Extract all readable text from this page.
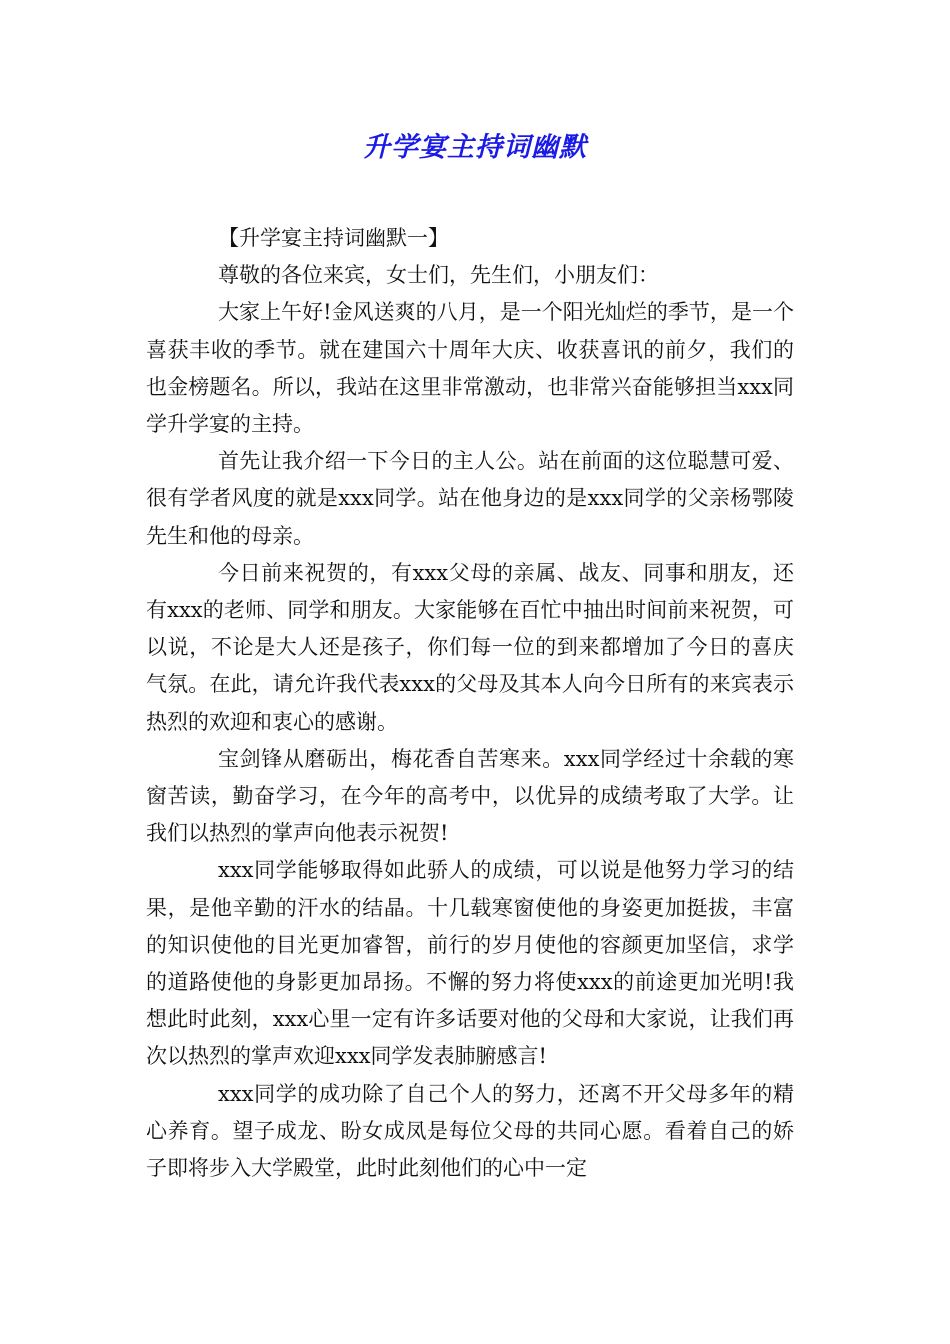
升学宴主持词幽默

【升学宴主持词幽默一】

尊敬的各位来宾，女士们，先生们，小朋友们：

大家上午好!金风送爽的八月，是一个阳光灿烂的季节，是一个喜获丰收的季节。就在建国六十周年大庆、收获喜讯的前夕，我们的也金榜题名。所以，我站在这里非常激动，也非常兴奋能够担当xxx同学升学宴的主持。

首先让我介绍一下今日的主人公。站在前面的这位聪慧可爱、很有学者风度的就是xxx同学。站在他身边的是xxx同学的父亲杨鄂陵先生和他的母亲。

今日前来祝贺的，有xxx父母的亲属、战友、同事和朋友，还有xxx的老师、同学和朋友。大家能够在百忙中抽出时间前来祝贺，可以说，不论是大人还是孩子，你们每一位的到来都增加了今日的喜庆气氛。在此，请允许我代表xxx的父母及其本人向今日所有的来宾表示热烈的欢迎和衷心的感谢。

宝剑锋从磨砺出，梅花香自苦寒来。xxx同学经过十余载的寒窗苦读，勤奋学习，在今年的高考中，以优异的成绩考取了大学。让我们以热烈的掌声向他表示祝贺!

xxx同学能够取得如此骄人的成绩，可以说是他努力学习的结果，是他辛勤的汗水的结晶。十几载寒窗使他的身姿更加挺拔，丰富的知识使他的目光更加睿智，前行的岁月使他的容颜更加坚信，求学的道路使他的身影更加昂扬。不懈的努力将使xxx的前途更加光明!我想此时此刻，xxx心里一定有许多话要对他的父母和大家说，让我们再次以热烈的掌声欢迎xxx同学发表肺腑感言!

xxx同学的成功除了自己个人的努力，还离不开父母多年的精心养育。望子成龙、盼女成凤是每位父母的共同心愿。看着自己的娇子即将步入大学殿堂，此时此刻他们的心中一定
